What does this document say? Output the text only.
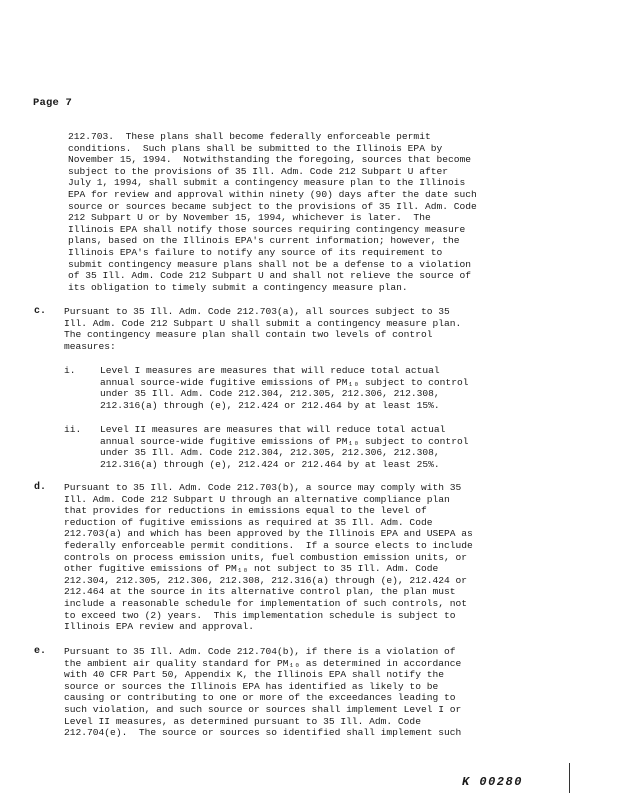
Page 7
212.703.  These plans shall become federally enforceable permit
conditions.  Such plans shall be submitted to the Illinois EPA by
November 15, 1994.  Notwithstanding the foregoing, sources that become
subject to the provisions of 35 Ill. Adm. Code 212 Subpart U after
July 1, 1994, shall submit a contingency measure plan to the Illinois
EPA for review and approval within ninety (90) days after the date such
source or sources became subject to the provisions of 35 Ill. Adm. Code
212 Subpart U or by November 15, 1994, whichever is later.  The
Illinois EPA shall notify those sources requiring contingency measure
plans, based on the Illinois EPA's current information; however, the
Illinois EPA's failure to notify any source of its requirement to
submit contingency measure plans shall not be a defense to a violation
of 35 Ill. Adm. Code 212 Subpart U and shall not relieve the source of
its obligation to timely submit a contingency measure plan.
c. Pursuant to 35 Ill. Adm. Code 212.703(a), all sources subject to 35
Ill. Adm. Code 212 Subpart U shall submit a contingency measure plan.
The contingency measure plan shall contain two levels of control
measures:
i.	Level I measures are measures that will reduce total actual
annual source-wide fugitive emissions of PM₁₀ subject to control
under 35 Ill. Adm. Code 212.304, 212.305, 212.306, 212.308,
212.316(a) through (e), 212.424 or 212.464 by at least 15%.
ii. Level II measures are measures that will reduce total actual
annual source-wide fugitive emissions of PM₁₀ subject to control
under 35 Ill. Adm. Code 212.304, 212.305, 212.306, 212.308,
212.316(a) through (e), 212.424 or 212.464 by at least 25%.
d. Pursuant to 35 Ill. Adm. Code 212.703(b), a source may comply with 35
Ill. Adm. Code 212 Subpart U through an alternative compliance plan
that provides for reductions in emissions equal to the level of
reduction of fugitive emissions as required at 35 Ill. Adm. Code
212.703(a) and which has been approved by the Illinois EPA and USEPA as
federally enforceable permit conditions.  If a source elects to include
controls on process emission units, fuel combustion emission units, or
other fugitive emissions of PM₁₀ not subject to 35 Ill. Adm. Code
212.304, 212.305, 212.306, 212.308, 212.316(a) through (e), 212.424 or
212.464 at the source in its alternative control plan, the plan must
include a reasonable schedule for implementation of such controls, not
to exceed two (2) years.  This implementation schedule is subject to
Illinois EPA review and approval.
e. Pursuant to 35 Ill. Adm. Code 212.704(b), if there is a violation of
the ambient air quality standard for PM₁₀ as determined in accordance
with 40 CFR Part 50, Appendix K, the Illinois EPA shall notify the
source or sources the Illinois EPA has identified as likely to be
causing or contributing to one or more of the exceedances leading to
such violation, and such source or sources shall implement Level I or
Level II measures, as determined pursuant to 35 Ill. Adm. Code
212.704(e).  The source or sources so identified shall implement such
K 00280
